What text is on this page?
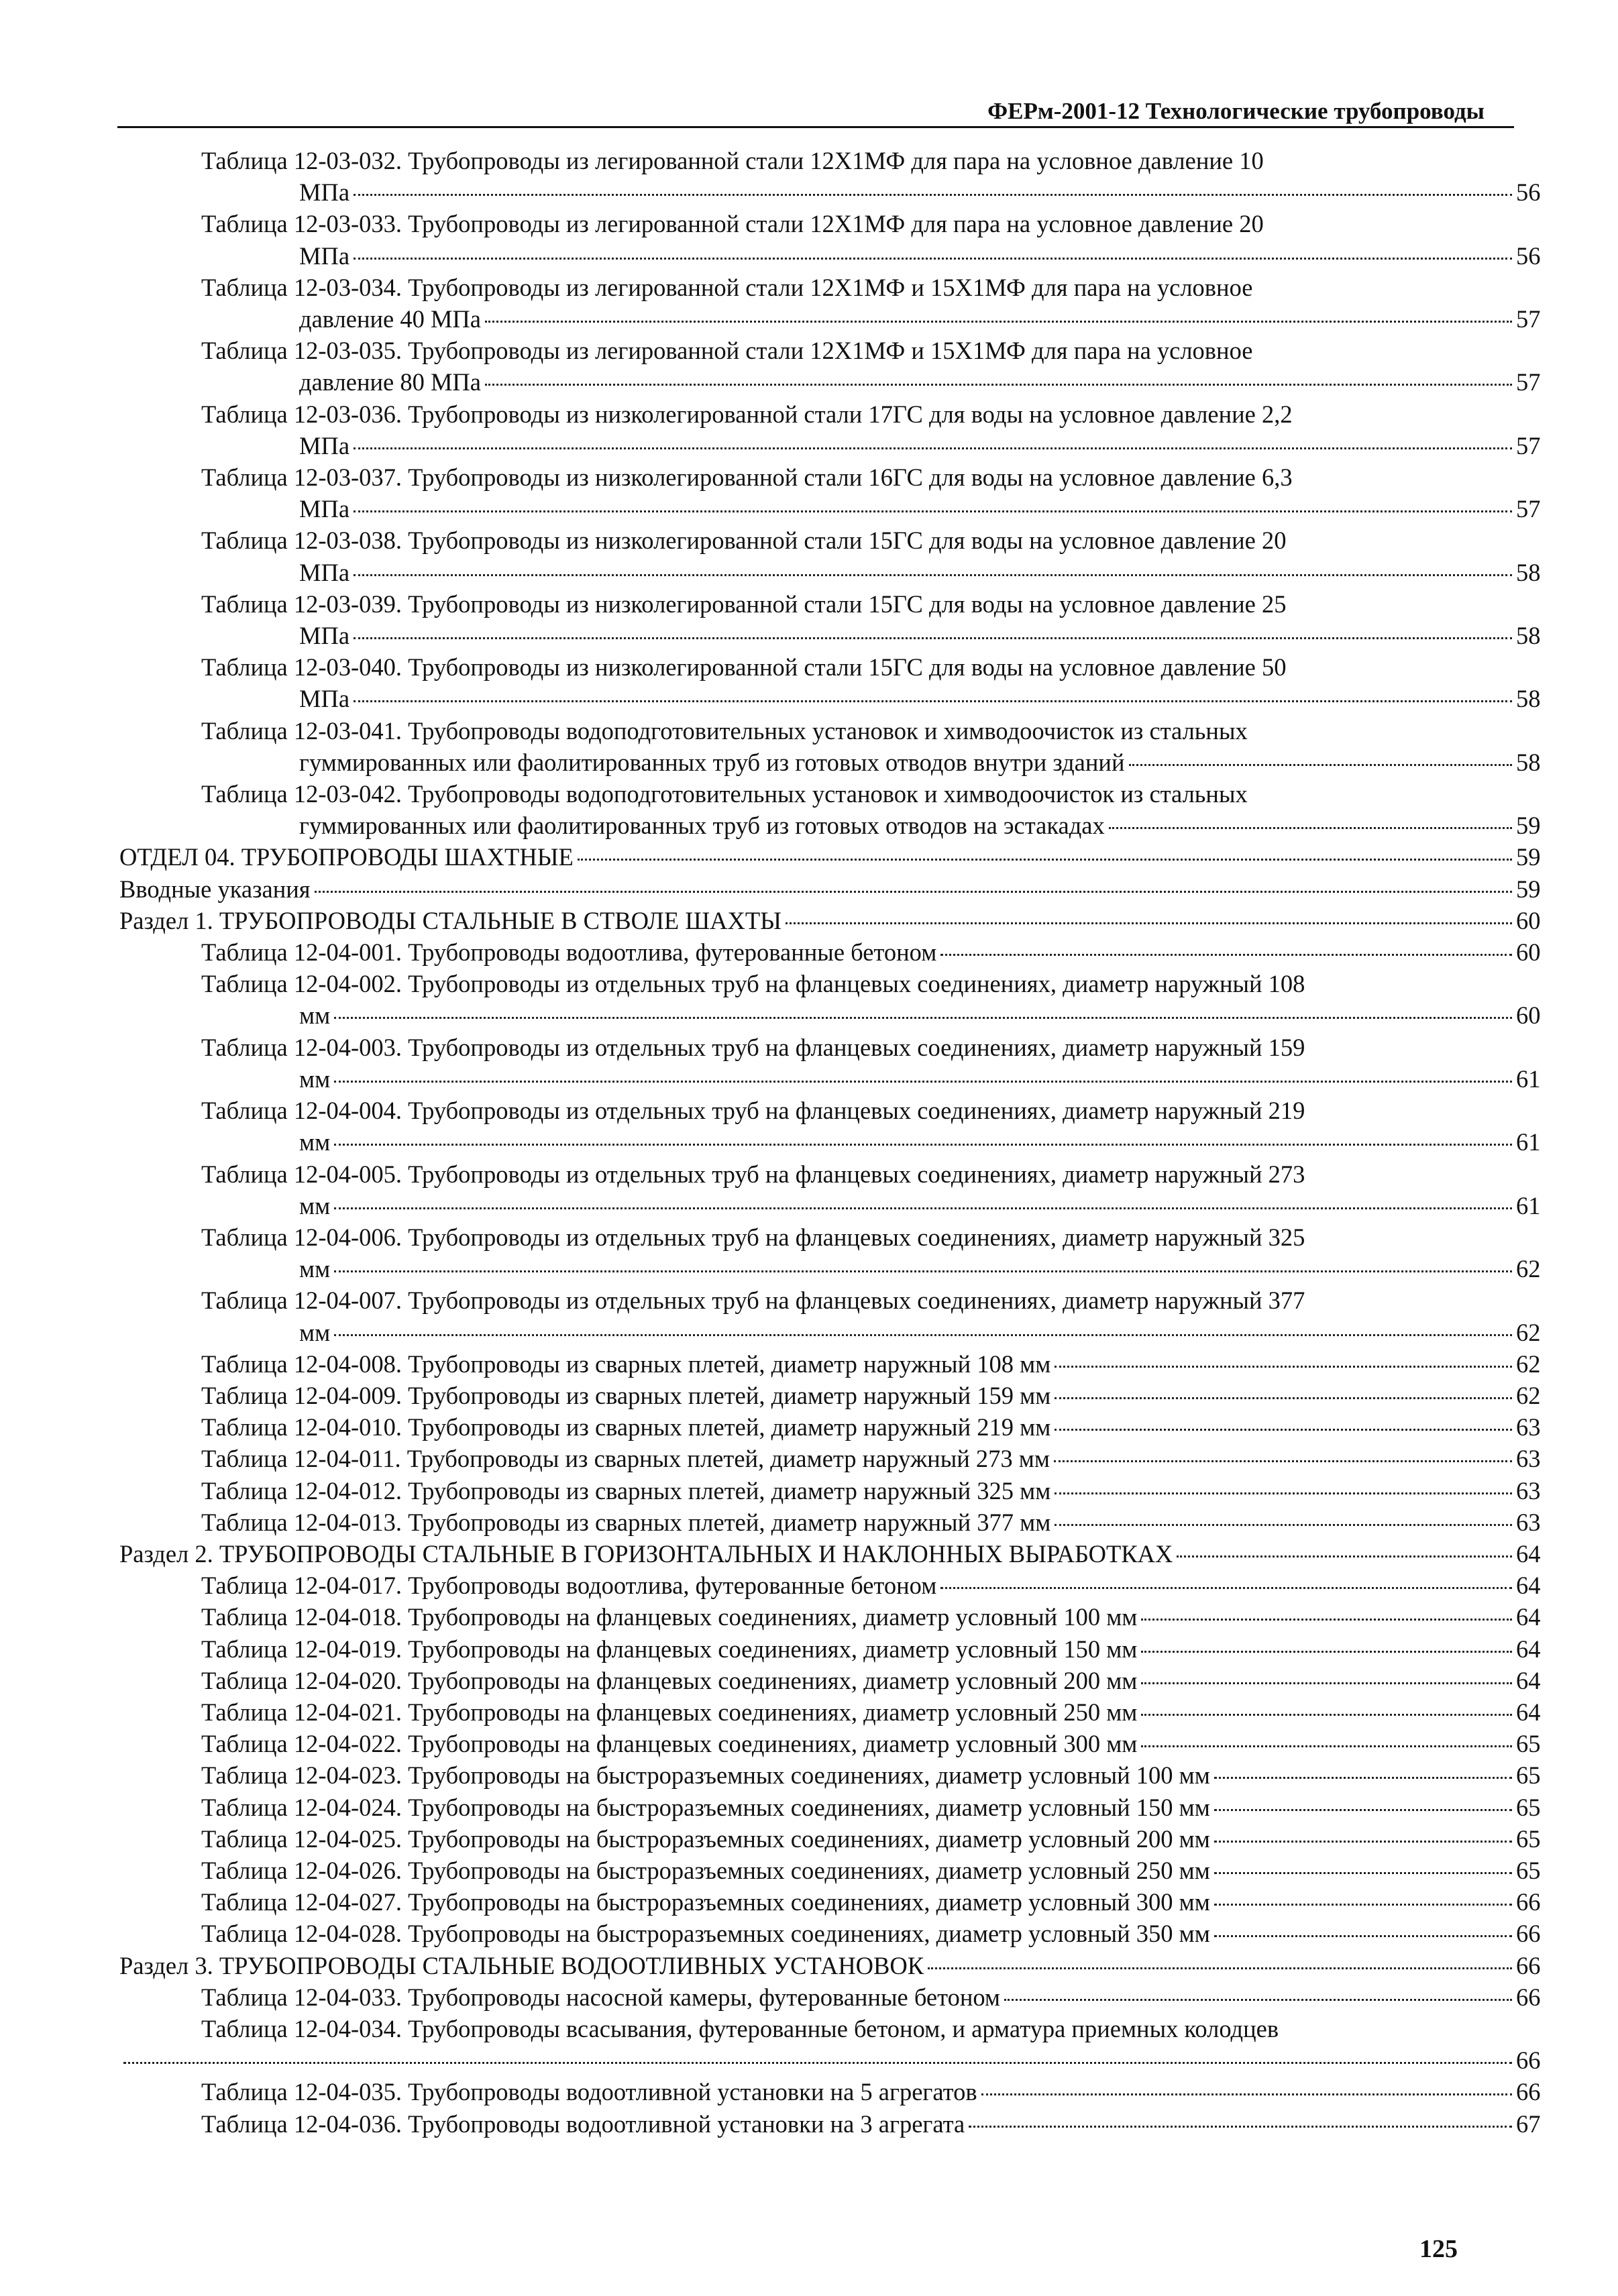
ФЕРм-2001-12 Технологические трубопроводы
Таблица 12-03-032. Трубопроводы из легированной стали 12Х1МФ для пара на условное давление 10
МПа	56
Таблица 12-03-033. Трубопроводы из легированной стали 12Х1МФ для пара на условное давление 20
МПа	56
Таблица 12-03-034. Трубопроводы из легированной стали 12Х1МФ и 15Х1МФ для пара на условное
давление 40 МПа	57
Таблица 12-03-035. Трубопроводы из легированной стали 12Х1МФ и 15Х1МФ для пара на условное
давление 80 МПа	57
Таблица 12-03-036. Трубопроводы из низколегированной стали 17ГС для воды на условное давление 2,2
МПа	57
Таблица 12-03-037. Трубопроводы из низколегированной стали 16ГС для воды на условное давление 6,3
МПа	57
Таблица 12-03-038. Трубопроводы из низколегированной стали 15ГС для воды на условное давление 20
МПа	58
Таблица 12-03-039. Трубопроводы из низколегированной стали 15ГС для воды на условное давление 25
МПа	58
Таблица 12-03-040. Трубопроводы из низколегированной стали 15ГС для воды на условное давление 50
МПа	58
Таблица 12-03-041. Трубопроводы водоподготовительных установок и химводоочисток из стальных
гуммированных или фаолитированных труб из готовых отводов внутри зданий	58
Таблица 12-03-042. Трубопроводы водоподготовительных установок и химводоочисток из стальных
гуммированных или фаолитированных труб из готовых отводов на эстакадах	59
ОТДЕЛ 04. ТРУБОПРОВОДЫ ШАХТНЫЕ	59
Вводные указания	59
Раздел 1. ТРУБОПРОВОДЫ СТАЛЬНЫЕ В СТВОЛЕ ШАХТЫ	60
Таблица 12-04-001. Трубопроводы водоотлива, футерованные бетоном	60
Таблица 12-04-002. Трубопроводы из отдельных труб на фланцевых соединениях, диаметр наружный 108
мм	60
Таблица 12-04-003. Трубопроводы из отдельных труб на фланцевых соединениях, диаметр наружный 159
мм	61
Таблица 12-04-004. Трубопроводы из отдельных труб на фланцевых соединениях, диаметр наружный 219
мм	61
Таблица 12-04-005. Трубопроводы из отдельных труб на фланцевых соединениях, диаметр наружный 273
мм	61
Таблица 12-04-006. Трубопроводы из отдельных труб на фланцевых соединениях, диаметр наружный 325
мм	62
Таблица 12-04-007. Трубопроводы из отдельных труб на фланцевых соединениях, диаметр наружный 377
мм	62
Таблица 12-04-008. Трубопроводы из сварных плетей, диаметр наружный 108 мм	62
Таблица 12-04-009. Трубопроводы из сварных плетей, диаметр наружный 159 мм	62
Таблица 12-04-010. Трубопроводы из сварных плетей, диаметр наружный 219 мм	63
Таблица 12-04-011. Трубопроводы из сварных плетей, диаметр наружный 273 мм	63
Таблица 12-04-012. Трубопроводы из сварных плетей, диаметр наружный 325 мм	63
Таблица 12-04-013. Трубопроводы из сварных плетей, диаметр наружный 377 мм	63
Раздел 2. ТРУБОПРОВОДЫ СТАЛЬНЫЕ В ГОРИЗОНТАЛЬНЫХ И НАКЛОННЫХ ВЫРАБОТКАХ	64
Таблица 12-04-017. Трубопроводы водоотлива, футерованные бетоном	64
Таблица 12-04-018. Трубопроводы на фланцевых соединениях, диаметр условный 100 мм	64
Таблица 12-04-019. Трубопроводы на фланцевых соединениях, диаметр условный 150 мм	64
Таблица 12-04-020. Трубопроводы на фланцевых соединениях, диаметр условный 200 мм	64
Таблица 12-04-021. Трубопроводы на фланцевых соединениях, диаметр условный 250 мм	64
Таблица 12-04-022. Трубопроводы на фланцевых соединениях, диаметр условный 300 мм	65
Таблица 12-04-023. Трубопроводы на быстроразъемных соединениях, диаметр условный 100 мм	65
Таблица 12-04-024. Трубопроводы на быстроразъемных соединениях, диаметр условный 150 мм	65
Таблица 12-04-025. Трубопроводы на быстроразъемных соединениях, диаметр условный 200 мм	65
Таблица 12-04-026. Трубопроводы на быстроразъемных соединениях, диаметр условный 250 мм	65
Таблица 12-04-027. Трубопроводы на быстроразъемных соединениях, диаметр условный 300 мм	66
Таблица 12-04-028. Трубопроводы на быстроразъемных соединениях, диаметр условный 350 мм	66
Раздел 3. ТРУБОПРОВОДЫ СТАЛЬНЫЕ ВОДООТЛИВНЫХ УСТАНОВОК	66
Таблица 12-04-033. Трубопроводы насосной камеры, футерованные бетоном	66
Таблица 12-04-034. Трубопроводы всасывания, футерованные бетоном, и арматура приемных колодцев
66
Таблица 12-04-035. Трубопроводы водоотливной установки на 5 агрегатов	66
Таблица 12-04-036. Трубопроводы водоотливной установки на 3 агрегата	67
125
